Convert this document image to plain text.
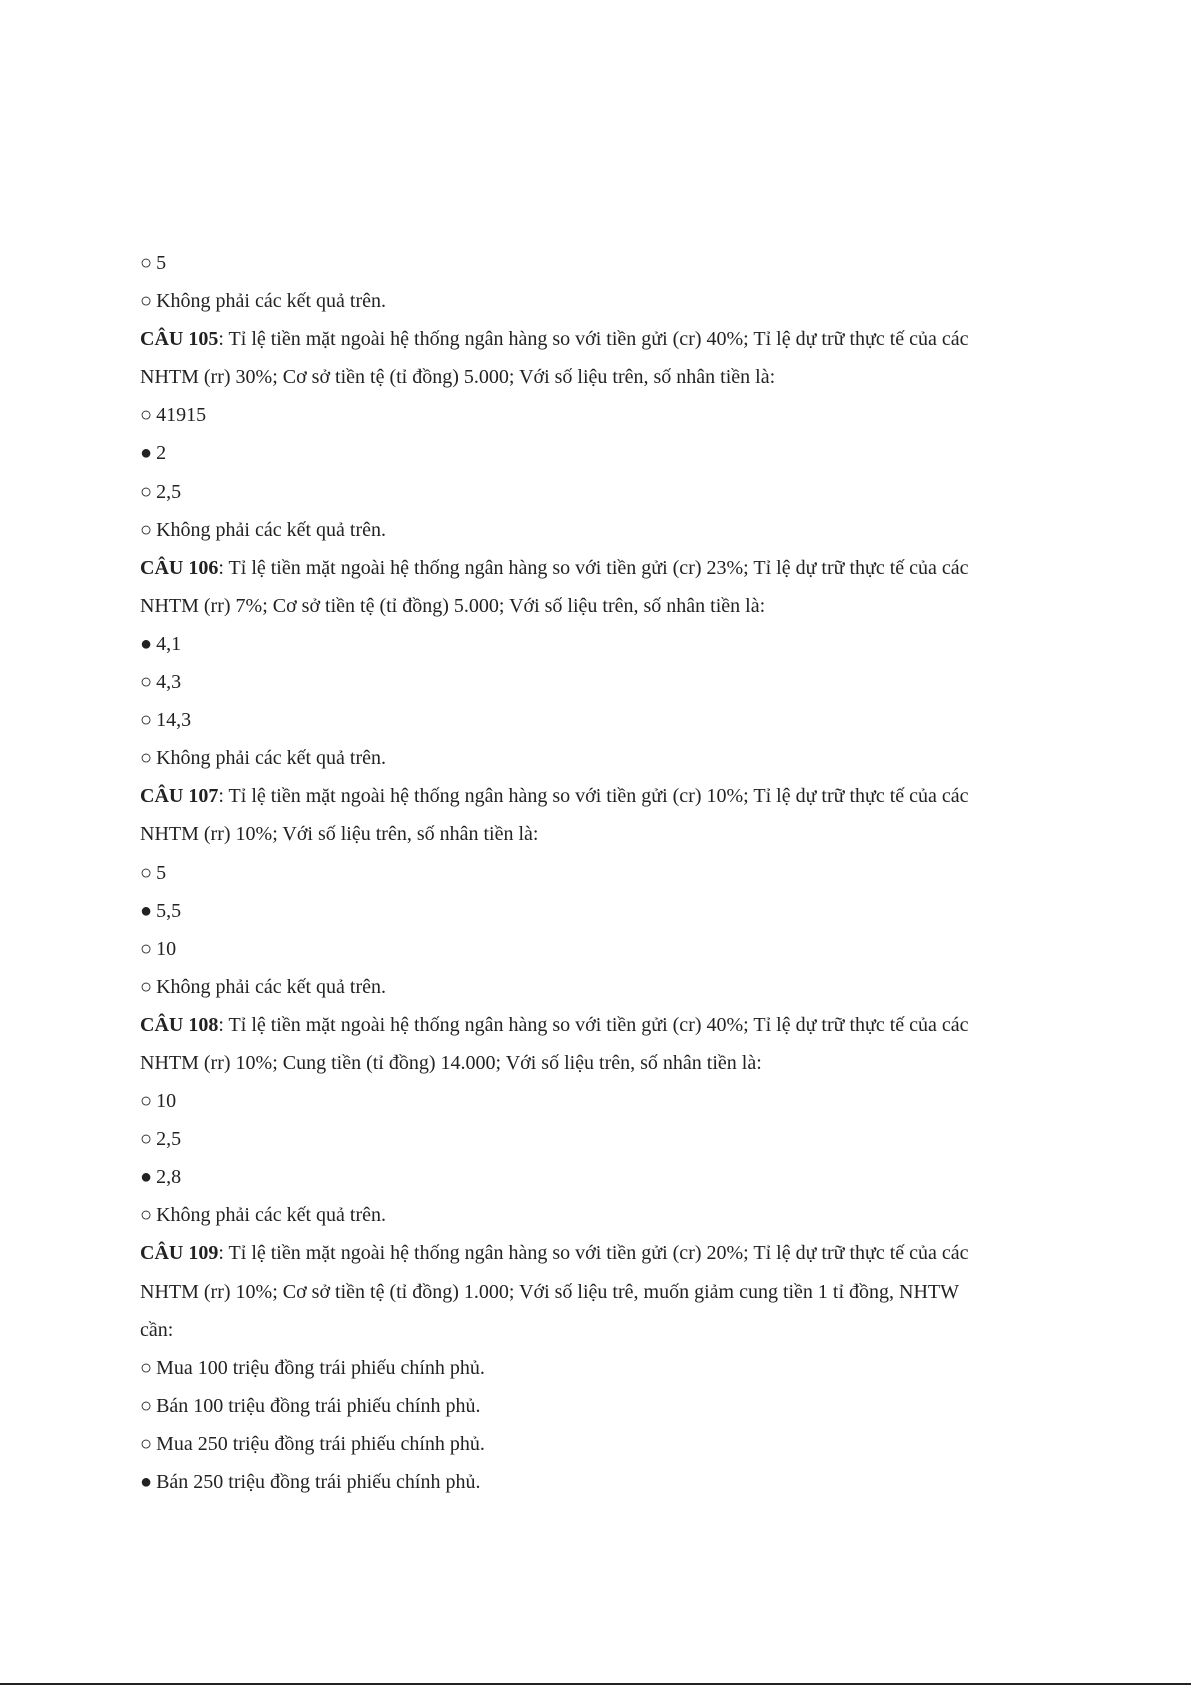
○ 5
○ Không phải các kết quả trên.
CÂU 105: Tỉ lệ tiền mặt ngoài hệ thống ngân hàng so với tiền gửi (cr) 40%; Tỉ lệ dự trữ thực tế của các
NHTM (rr) 30%; Cơ sở tiền tệ (tỉ đồng) 5.000; Với số liệu trên, số nhân tiền là:
○ 41915
● 2
○ 2,5
○ Không phải các kết quả trên.
CÂU 106: Tỉ lệ tiền mặt ngoài hệ thống ngân hàng so với tiền gửi (cr) 23%; Tỉ lệ dự trữ thực tế của các
NHTM (rr) 7%; Cơ sở tiền tệ (tỉ đồng) 5.000; Với số liệu trên, số nhân tiền là:
● 4,1
○ 4,3
○ 14,3
○ Không phải các kết quả trên.
CÂU 107: Tỉ lệ tiền mặt ngoài hệ thống ngân hàng so với tiền gửi (cr) 10%; Tỉ lệ dự trữ thực tế của các
NHTM (rr) 10%; Với số liệu trên, số nhân tiền là:
○ 5
● 5,5
○ 10
○ Không phải các kết quả trên.
CÂU 108: Tỉ lệ tiền mặt ngoài hệ thống ngân hàng so với tiền gửi (cr) 40%; Tỉ lệ dự trữ thực tế của các
NHTM (rr) 10%; Cung tiền (tỉ đồng) 14.000; Với số liệu trên, số nhân tiền là:
○ 10
○ 2,5
● 2,8
○ Không phải các kết quả trên.
CÂU 109: Tỉ lệ tiền mặt ngoài hệ thống ngân hàng so với tiền gửi (cr) 20%; Tỉ lệ dự trữ thực tế của các
NHTM (rr) 10%; Cơ sở tiền tệ (tỉ đồng) 1.000; Với số liệu trê, muốn giảm cung tiền 1 tỉ đồng, NHTW
cần:
○ Mua 100 triệu đồng trái phiếu chính phủ.
○ Bán 100 triệu đồng trái phiếu chính phủ.
○ Mua 250 triệu đồng trái phiếu chính phủ.
● Bán 250 triệu đồng trái phiếu chính phủ.
